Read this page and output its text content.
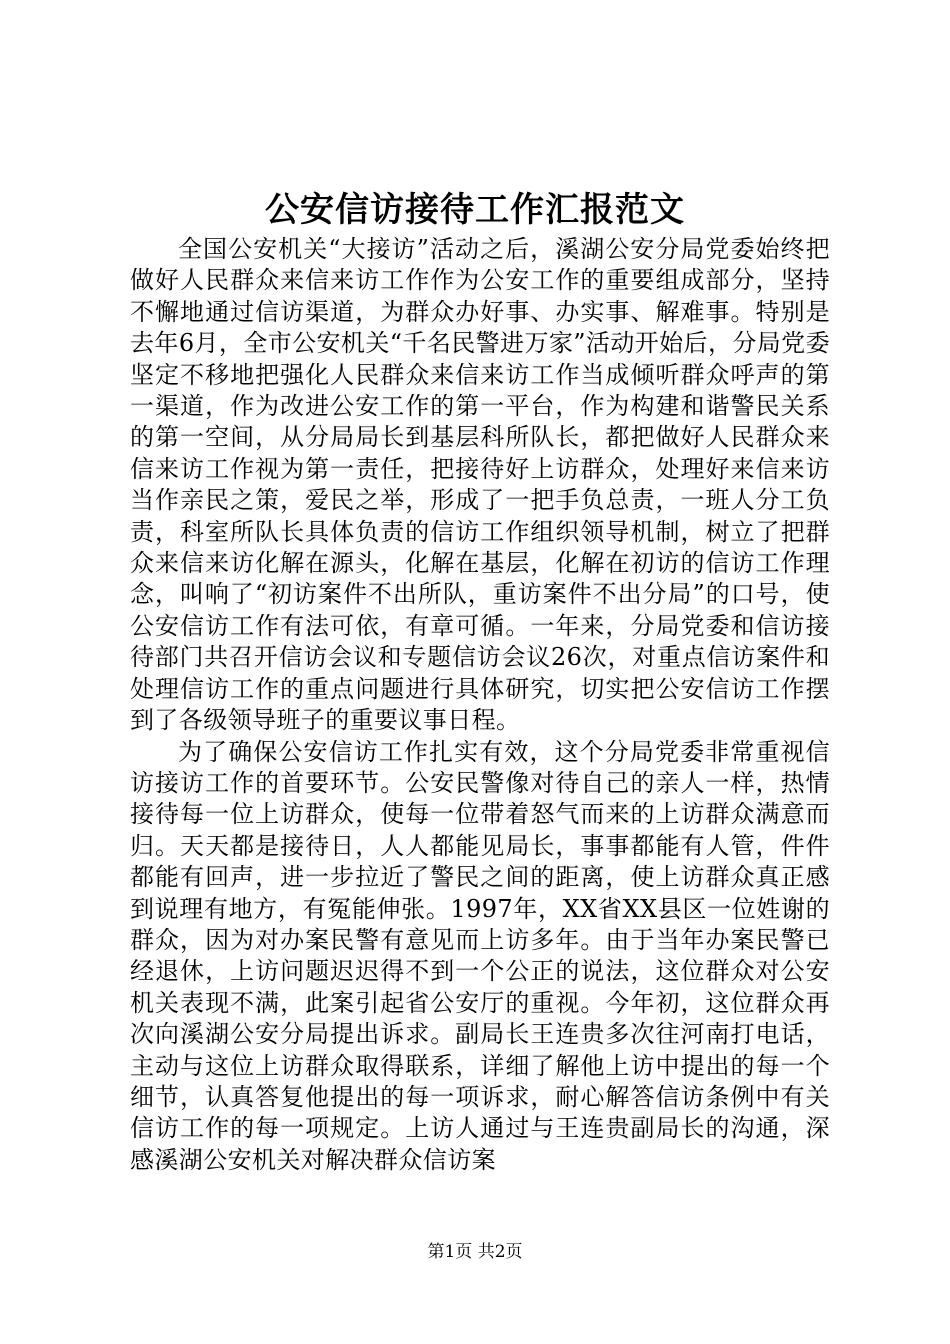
公安信访接待工作汇报范文

全国公安机关“大接访”活动之后，溪湖公安分局党委始终把做好人民群众来信来访工作作为公安工作的重要组成部分，坚持不懈地通过信访渠道，为群众办好事、办实事、解难事。特别是去年6月，全市公安机关“千名民警进万家”活动开始后，分局党委坚定不移地把强化人民群众来信来访工作当成倾听群众呼声的第一渠道，作为改进公安工作的第一平台，作为构建和谐警民关系的第一空间，从分局局长到基层科所队长，都把做好人民群众来信来访工作视为第一责任，把接待好上访群众，处理好来信来访当作亲民之策，爱民之举，形成了一把手负总责，一班人分工负责，科室所队长具体负责的信访工作组织领导机制，树立了把群众来信来访化解在源头，化解在基层，化解在初访的信访工作理念，叫响了“初访案件不出所队，重访案件不出分局”的口号，使公安信访工作有法可依，有章可循。一年来，分局党委和信访接待部门共召开信访会议和专题信访会议26次，对重点信访案件和处理信访工作的重点问题进行具体研究，切实把公安信访工作摆到了各级领导班子的重要议事日程。

为了确保公安信访工作扎实有效，这个分局党委非常重视信访接访工作的首要环节。公安民警像对待自己的亲人一样，热情接待每一位上访群众，使每一位带着怒气而来的上访群众满意而归。天天都是接待日，人人都能见局长，事事都能有人管，件件都能有回声，进一步拉近了警民之间的距离，使上访群众真正感到说理有地方，有冤能伸张。1997年，XX省XX县区一位姓谢的群众，因为对办案民警有意见而上访多年。由于当年办案民警已经退休，上访问题迟迟得不到一个公正的说法，这位群众对公安机关表现不满，此案引起省公安厅的重视。今年初，这位群众再次向溪湖公安分局提出诉求。副局长王连贵多次往河南打电话，主动与这位上访群众取得联系，详细了解他上访中提出的每一个细节，认真答复他提出的每一项诉求，耐心解答信访条例中有关信访工作的每一项规定。上访人通过与王连贵副局长的沟通，深感溪湖公安机关对解决群众信访案

第1页 共2页
